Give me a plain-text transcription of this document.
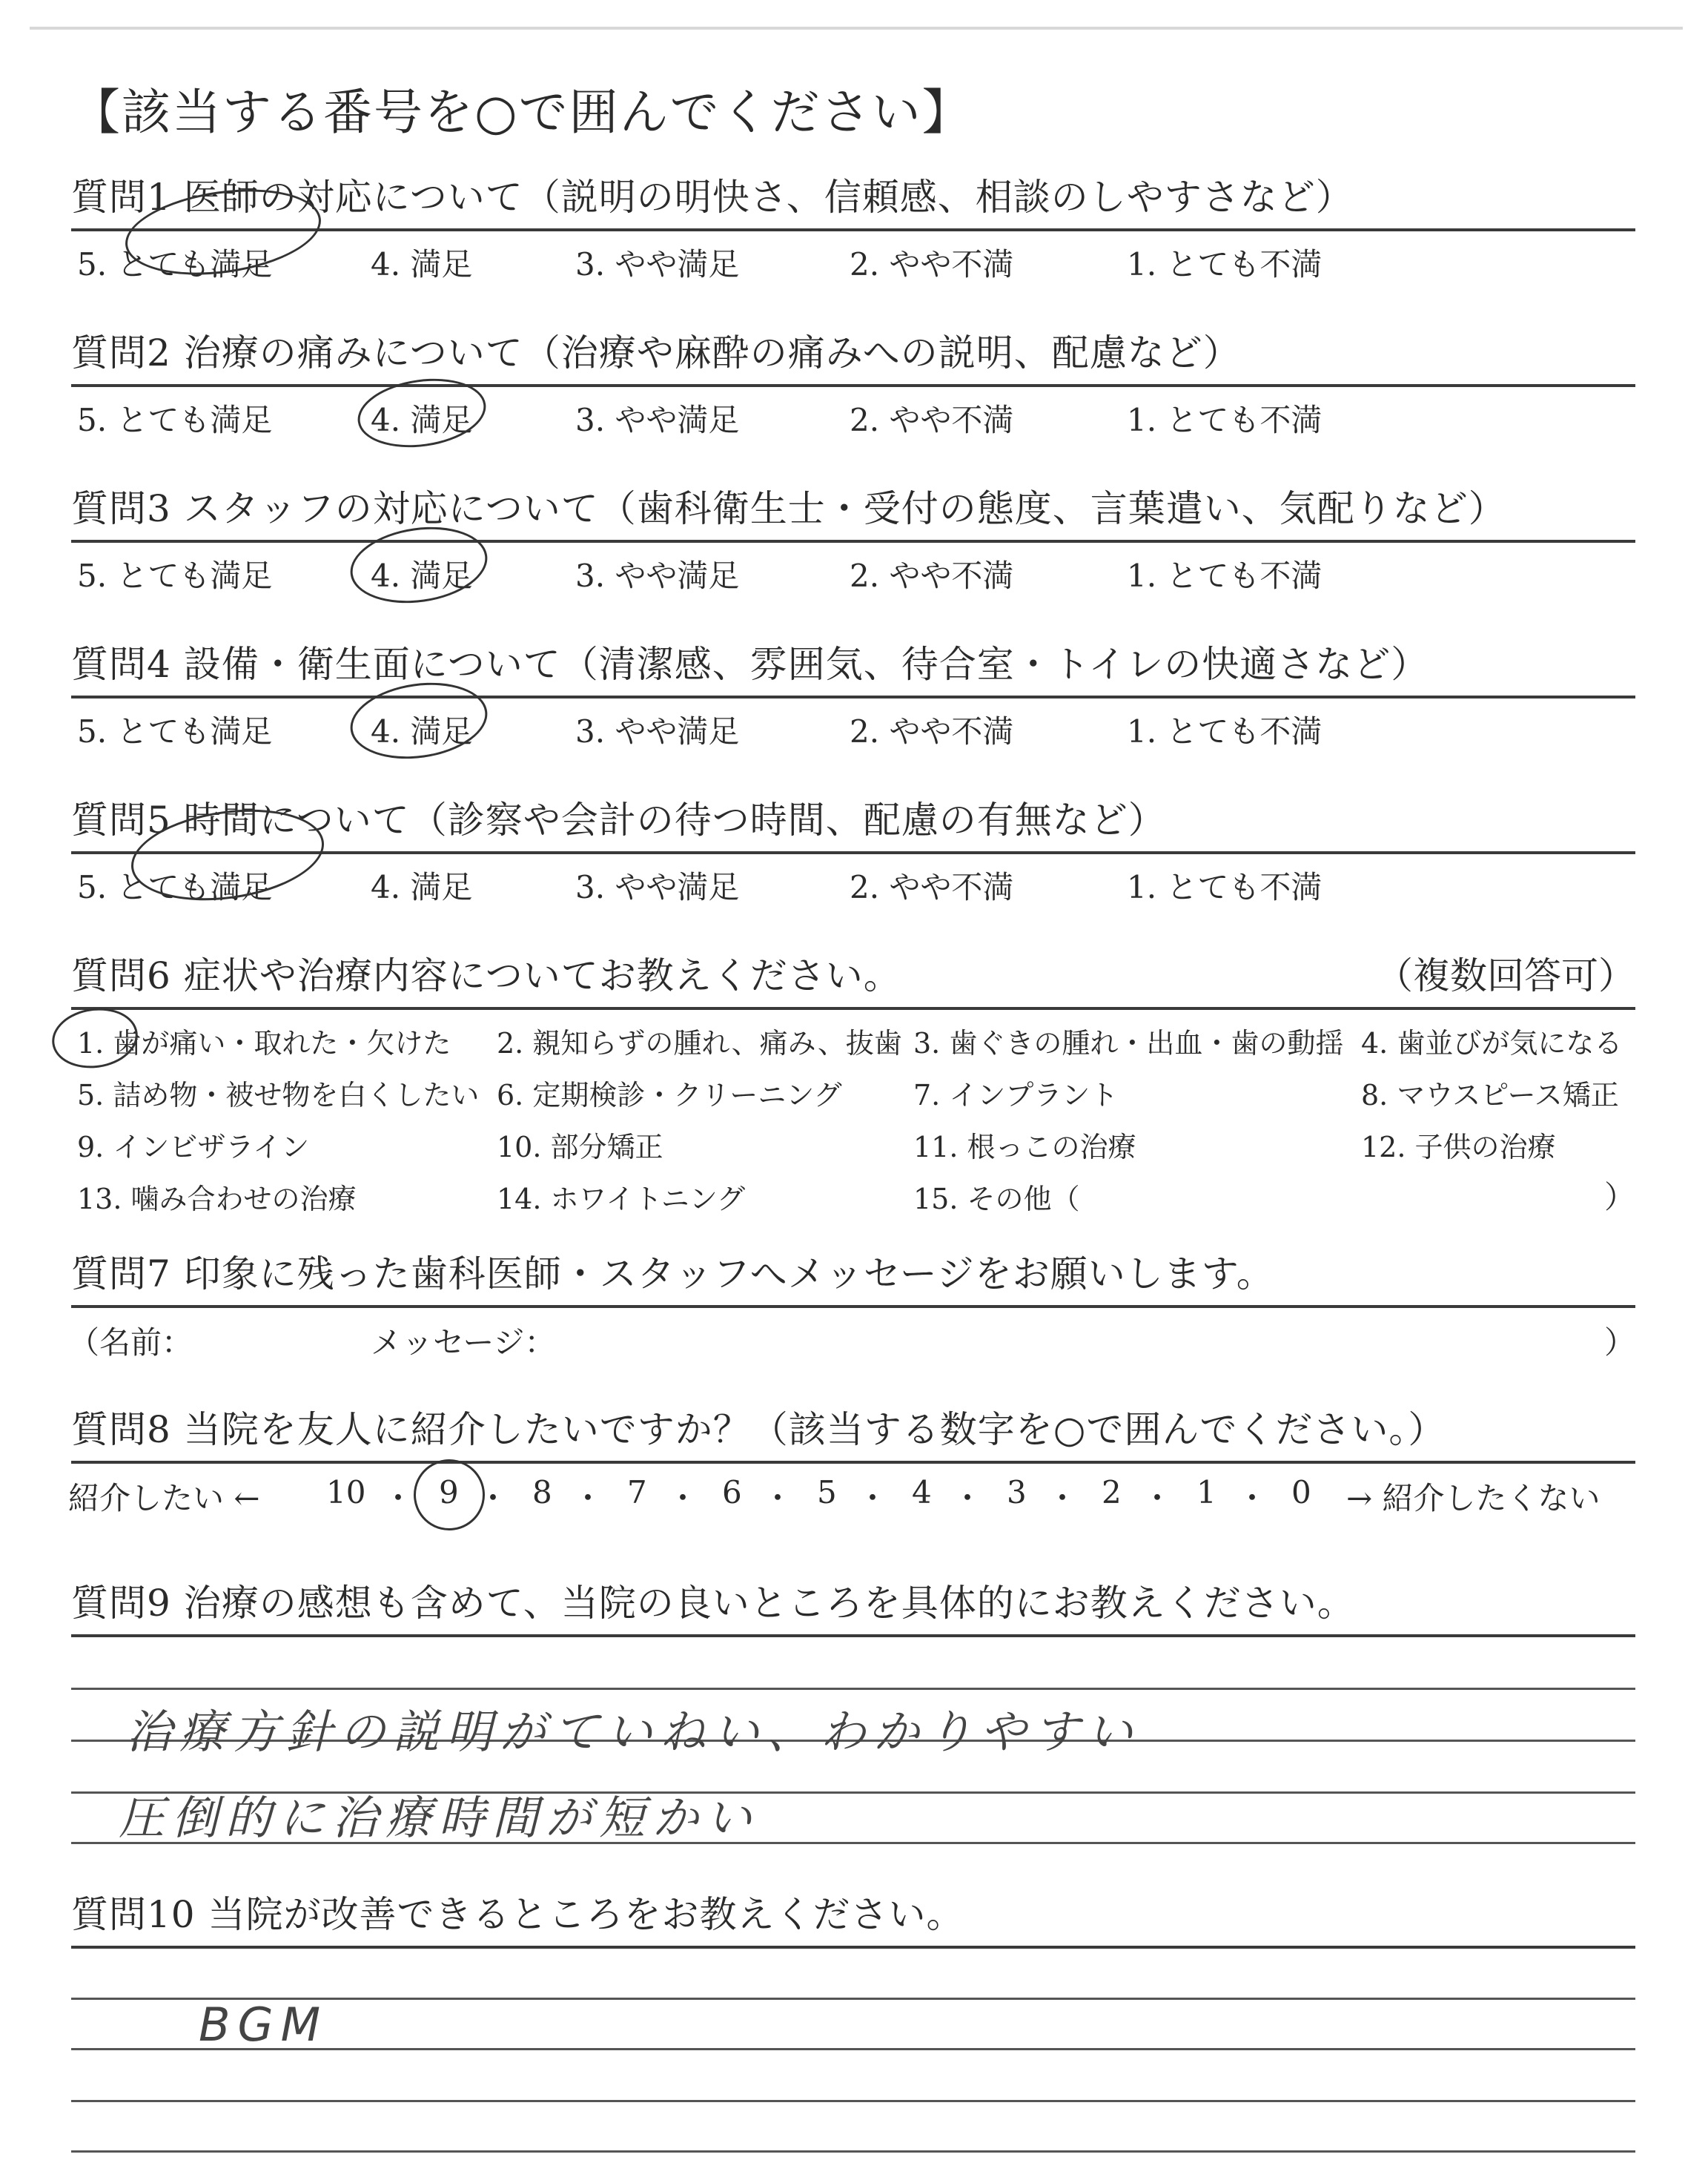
【該当する番号を○で囲んでください】
質問1 医師の対応について（説明の明快さ、信頼感、相談のしやすさなど）
5. とても満足	4. 満足	3. やや満足	2. やや不満	1. とても不満
質問2 治療の痛みについて（治療や麻酔の痛みへの説明、配慮など）
5. とても満足	4. 満足	3. やや満足	2. やや不満	1. とても不満
質問3 スタッフの対応について（歯科衛生士・受付の態度、言葉遣い、気配りなど）
5. とても満足	4. 満足	3. やや満足	2. やや不満	1. とても不満
質問4 設備・衛生面について（清潔感、雰囲気、待合室・トイレの快適さなど）
5. とても満足	4. 満足	3. やや満足	2. やや不満	1. とても不満
質問5 時間について（診察や会計の待つ時間、配慮の有無など）
5. とても満足	4. 満足	3. やや満足	2. やや不満	1. とても不満
質問6 症状や治療内容についてお教えください。	（複数回答可）
1. 歯が痛い・取れた・欠けた 2. 親知らずの腫れ、痛み、抜歯 3. 歯ぐきの腫れ・出血・歯の動揺 4. 歯並びが気になる
5. 詰め物・被せ物を白くしたい 6. 定期検診・クリーニング	7. インプラント	8. マウスピース矯正
9. インビザライン	10. 部分矯正	11. 根っこの治療	12. 子供の治療
13. 噛み合わせの治療	14. ホワイトニング	15. その他（	）
質問7 印象に残った歯科医師・スタッフへメッセージをお願いします。
（名前：	メッセージ：	）
質問8 当院を友人に紹介したいですか？（該当する数字を○で囲んでください。）
紹介したい ← 10 ・ 9 ・ 8 ・ 7 ・ 6 ・ 5 ・ 4 ・ 3 ・ 2 ・ 1 ・ 0 → 紹介したくない
質問9 治療の感想も含めて、当院の良いところを具体的にお教えください。
治療方針の説明がていねい、わかりやすい
圧倒的に治療時間が短かい
質問10 当院が改善できるところをお教えください。
BGM
